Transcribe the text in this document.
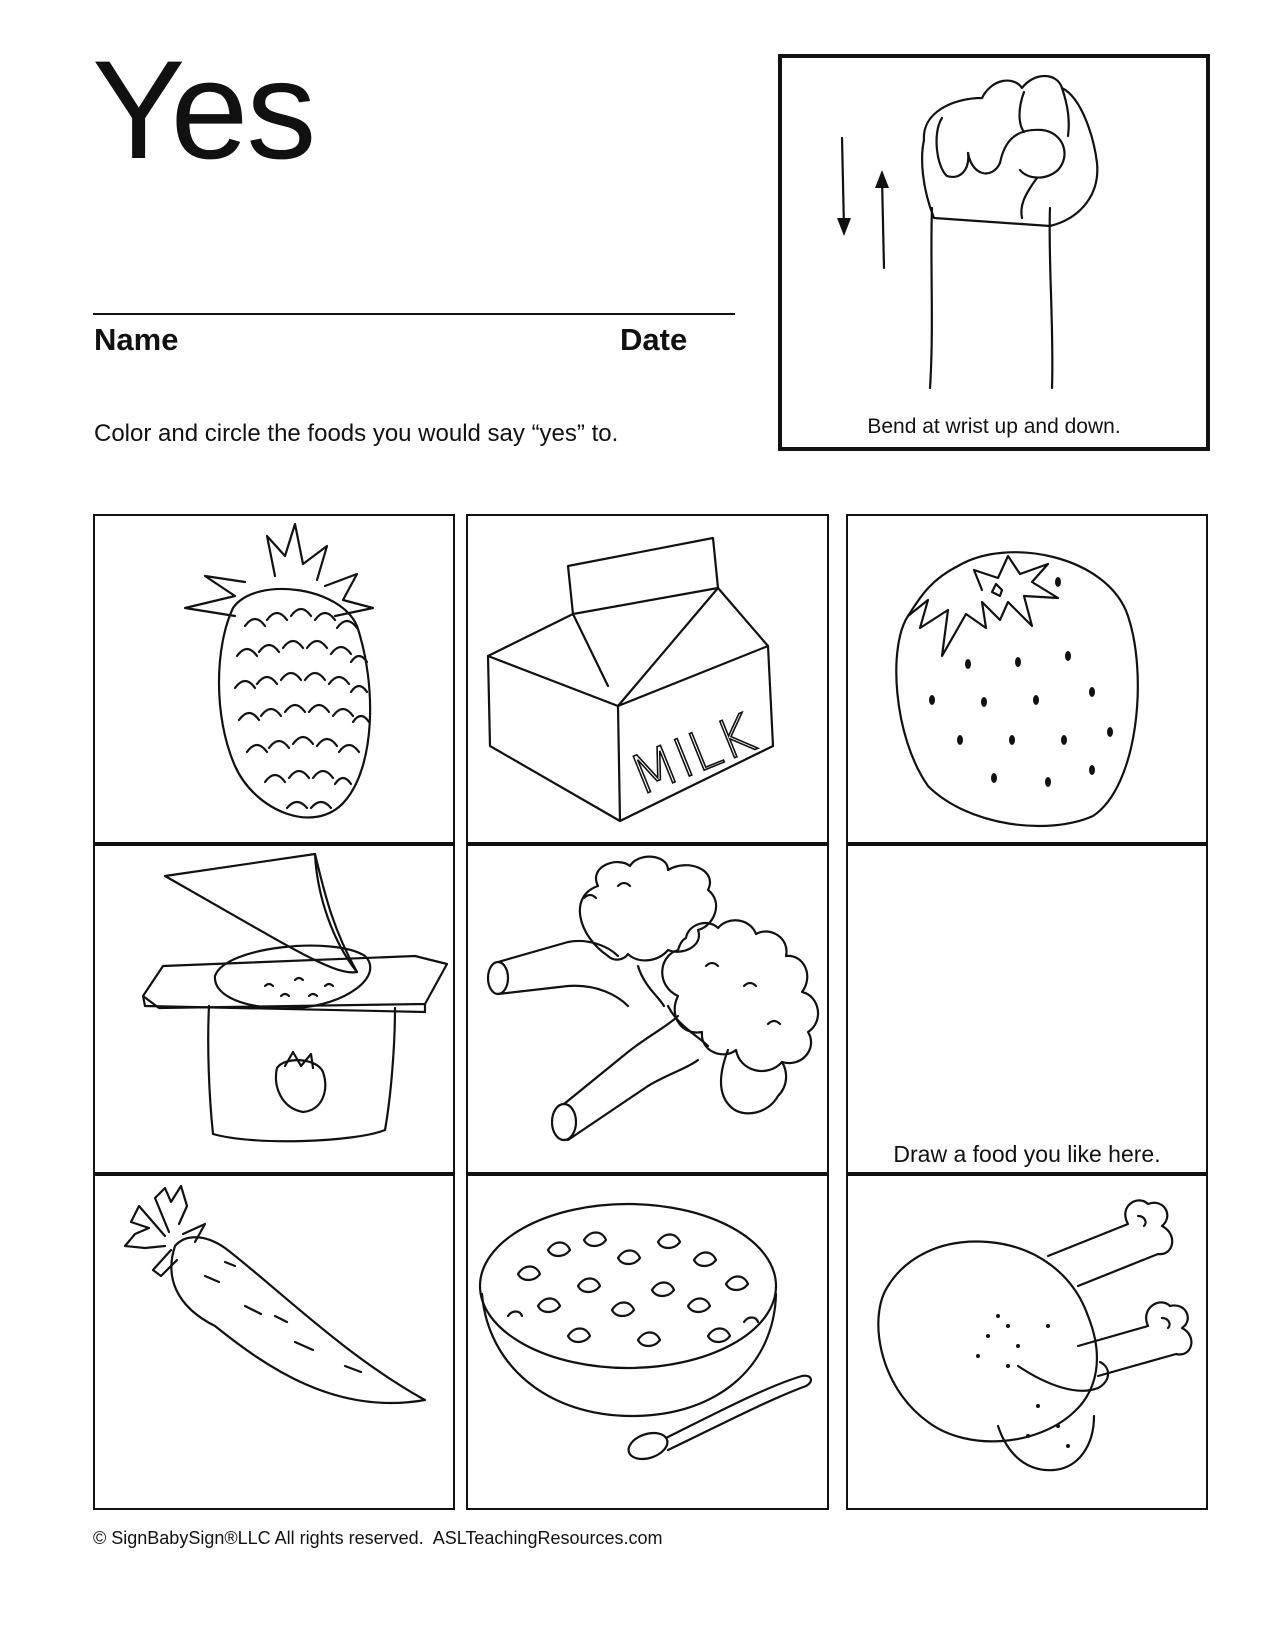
Yes
Name	Date
Color and circle the foods you would say “yes” to.	Bend at wrist up and down.
MILK
Draw a food you like here.
© SignBabySign®LLC All rights reserved. ASLTeachingResources.com
